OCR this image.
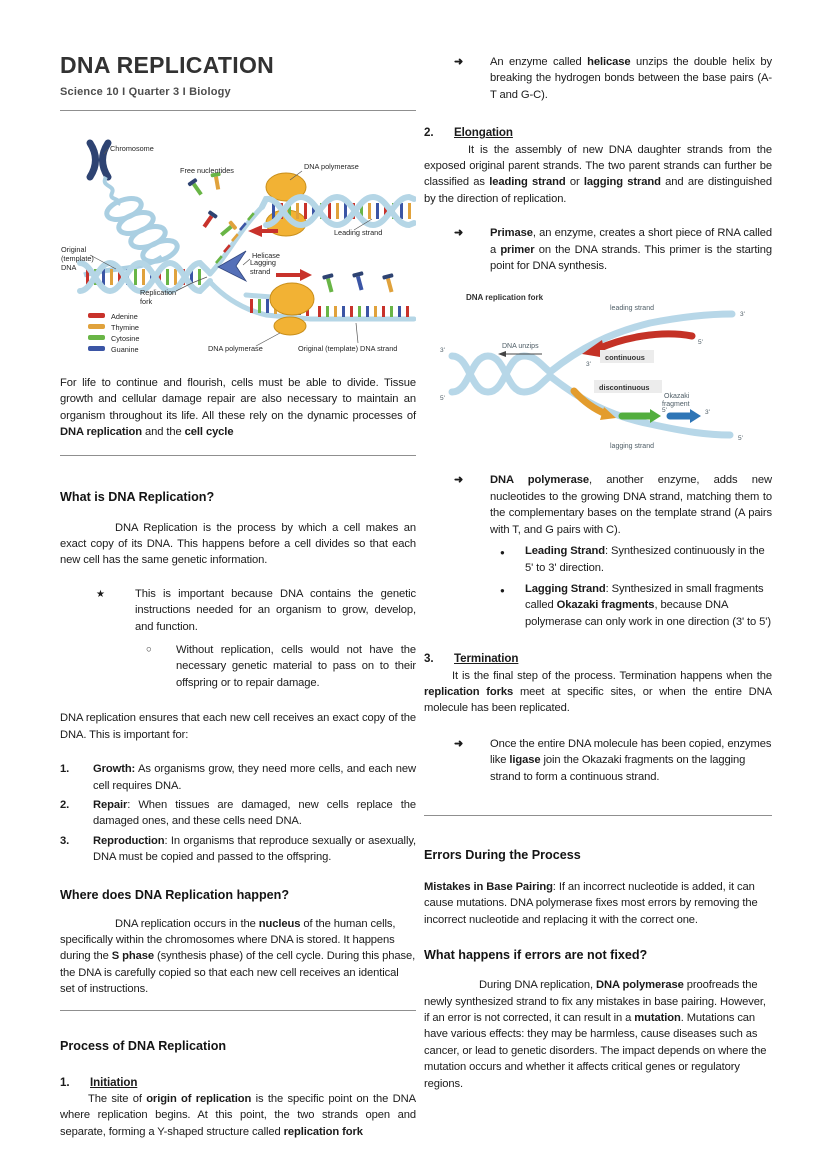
DNA REPLICATION
Science 10 I Quarter 3 I Biology
Chromosome
Free nucleotides	DNA polymerase
Leading strand
Helicase
Original
(template)
DNA
Replication
fork
Lagging
strand
DNA polymerase	Original (template) DNA strand
Adenine
Thymine
Cytosine
Guanine

For life to continue and flourish, cells must be able to divide. Tissue growth and cellular damage repair are also necessary to maintain an organism throughout its life. All these rely on the dynamic processes of DNA replication and the cell cycle

What is DNA Replication?

DNA Replication is the process by which a cell makes an exact copy of its DNA. This happens before a cell divides so that each new cell has the same genetic information.

★	This is important because DNA contains the genetic instructions needed for an organism to grow, develop, and function.
○	Without replication, cells would not have the necessary genetic material to pass on to their offspring or to repair damage.

DNA replication ensures that each new cell receives an exact copy of the DNA. This is important for:

1.	Growth: As organisms grow, they need more cells, and each new cell requires DNA.
2.	Repair: When tissues are damaged, new cells replace the damaged ones, and these cells need DNA.
3.	Reproduction: In organisms that reproduce sexually or asexually, DNA must be copied and passed to the offspring.
Where does DNA Replication happen?

DNA replication occurs in the nucleus of the human cells, specifically within the chromosomes where DNA is stored. It happens during the S phase (synthesis phase) of the cell cycle. During this phase, the DNA is carefully copied so that each new cell receives an identical set of instructions.

Process of DNA Replication
1.	Initiation

The site of origin of replication is the specific point on the DNA where replication begins. At this point, the two strands open and separate, forming a Y-shaped structure called replication fork

➜	An enzyme called helicase unzips the double helix by breaking the hydrogen bonds between the base pairs (A-T and G-C).
2.	Elongation

It is the assembly of new DNA daughter strands from the exposed original parent strands. The two parent strands can further be classified as leading strand or lagging strand and are distinguished by the direction of replication.

➜	Primase, an enzyme, creates a short piece of RNA called a primer on the DNA strands. This primer is the starting point for DNA synthesis.
DNA replication fork
continuous
discontinuous
leading strand
lagging strand
DNA unzips
Okazaki
fragment
3'
5'
3'
5'
3'
5'	3'
5'
➜	DNA polymerase, another enzyme, adds new nucleotides to the growing DNA strand, matching them to the complementary bases on the template strand (A pairs with T, and G pairs with C).
●	Leading Strand: Synthesized continuously in the 5' to 3' direction.
●	Lagging Strand: Synthesized in small fragments called Okazaki fragments, because DNA polymerase can only work in one direction (3' to 5')
3.	Termination

It is the final step of the process. Termination happens when the replication forks meet at specific sites, or when the entire DNA molecule has been replicated.

➜	Once the entire DNA molecule has been copied, enzymes like ligase join the Okazaki fragments on the lagging strand to form a continuous strand.
Errors During the Process

Mistakes in Base Pairing: If an incorrect nucleotide is added, it can cause mutations. DNA polymerase fixes most errors by removing the incorrect nucleotide and replacing it with the correct one.

What happens if errors are not fixed?

During DNA replication, DNA polymerase proofreads the newly synthesized strand to fix any mistakes in base pairing. However, if an error is not corrected, it can result in a mutation. Mutations can have various effects: they may be harmless, cause diseases such as cancer, or lead to genetic disorders. The impact depends on where the mutation occurs and whether it affects critical genes or regulatory regions.
